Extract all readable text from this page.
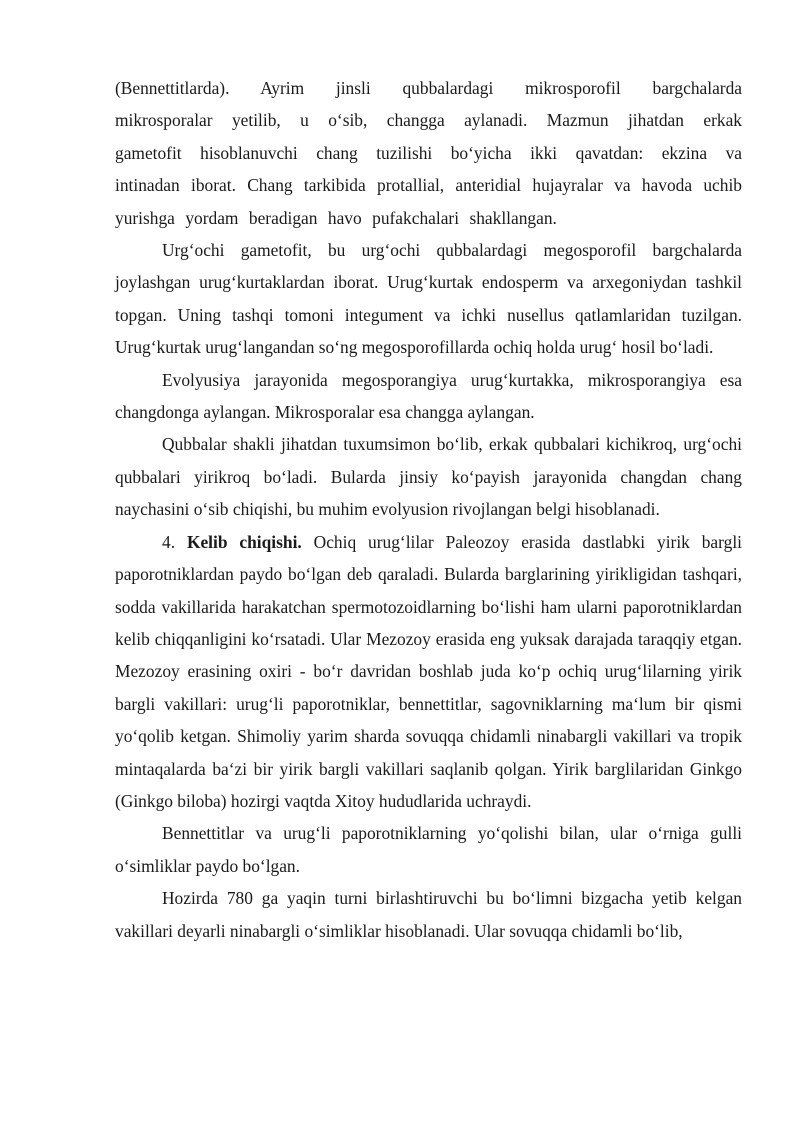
(Bennettitlarda). Ayrim jinsli qubbalardagi mikrosporofil bargchalarda mikrosporalar yetilib, u o‘sib, changga aylanadi. Mazmun jihatdan erkak gametofit hisoblanuvchi chang tuzilishi bo‘yicha ikki qavatdan: ekzina va intinadan iborat. Chang tarkibida protallial, anteridial hujayralar va havoda uchib yurishga yordam beradigan havo pufakchalari shakllangan.

Urg‘ochi gametofit, bu urg‘ochi qubbalardagi megosporofil bargchalarda joylashgan urug‘kurtaklardan iborat. Urug‘kurtak endosperm va arxegoniydan tashkil topgan. Uning tashqi tomoni integument va ichki nusellus qatlamlaridan tuzilgan. Urug‘kurtak urug‘langandan so‘ng megosporofillarda ochiq holda urug‘ hosil bo‘ladi.

Evolyusiya jarayonida megosporangiya urug‘kurtakka, mikrosporangiya esa changdonga aylangan. Mikrosporalar esa changga aylangan.

Qubbalar shakli jihatdan tuxumsimon bo‘lib, erkak qubbalari kichikroq, urg‘ochi qubbalari yirikroq bo‘ladi. Bularda jinsiy ko‘payish jarayonida changdan chang naychasini o‘sib chiqishi, bu muhim evolyusion rivojlangan belgi hisoblanadi.

4. Kelib chiqishi. Ochiq urug‘lilar Paleozoy erasida dastlabki yirik bargli paporotniklardan paydo bo‘lgan deb qaraladi. Bularda barglarining yirikligidan tashqari, sodda vakillarida harakatchan spermotozoidlarning bo‘lishi ham ularni paporotniklardan kelib chiqqanligini ko‘rsatadi. Ular Mezozoy erasida eng yuksak darajada taraqqiy etgan. Mezozoy erasining oxiri - bo‘r davridan boshlab juda ko‘p ochiq urug‘lilarning yirik bargli vakillari: urug‘li paporotniklar, bennettitlar, sagovniklarning ma‘lum bir qismi yo‘qolib ketgan. Shimoliy yarim sharda sovuqqa chidamli ninabargli vakillari va tropik mintaqalarda ba‘zi bir yirik bargli vakillari saqlanib qolgan. Yirik barglilaridan Ginkgo (Ginkgo biloba) hozirgi vaqtda Xitoy hududlarida uchraydi.

Bennettitlar va urug‘li paporotniklarning yo‘qolishi bilan, ular o‘rniga gulli o‘simliklar paydo bo‘lgan.

Hozirda 780 ga yaqin turni birlashtiruvchi bu bo‘limni bizgacha yetib kelgan vakillari deyarli ninabargli o‘simliklar hisoblanadi. Ular sovuqqa chidamli bo‘lib,
